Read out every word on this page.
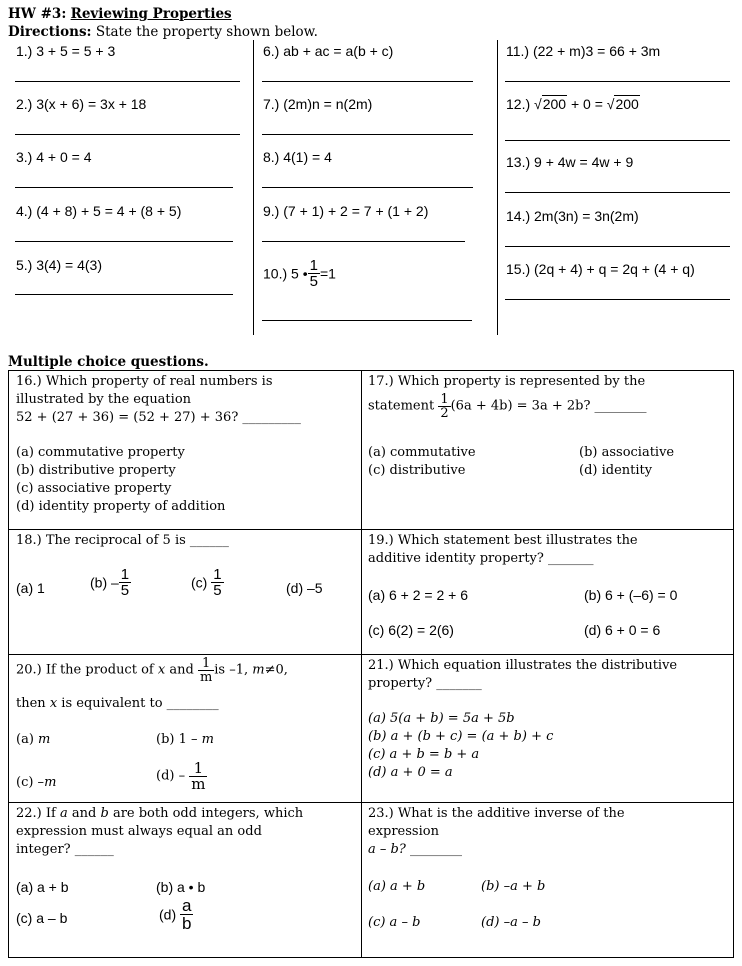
HW #3: Reviewing Properties
Directions: State the property shown below.
1.) 3 + 5 = 5 + 3
2.) 3(x + 6) = 3x + 18
3.) 4 + 0 = 4
4.) (4 + 8) + 5 = 4 + (8 + 5)
5.) 3(4) = 4(3)
6.) ab + ac = a(b + c)
7.) (2m)n = n(2m)
8.) 4(1) = 4
9.) (7 + 1) + 2 = 7 + (1 + 2)
10.) 5 • $\frac{1}{5} =1$
11.) (22 + m)3 = 66 + 3m
12.) √200 + 0 = √200
13.) 9 + 4w = 4w + 9
14.) 2m(3n) = 3n(2m)
15.) (2q + 4) + q = 2q + (4 + q)
Multiple choice questions.
16.) Which property of real numbers is
illustrated by the equation
52 + (27 + 36) = (52 + 27) + 36? _________
(a) commutative property
(b) distributive property
(c) associative property
(d) identity property of addition
17.) Which property is represented by the
statement $\frac{1}{2} (6a + 4b) = 3a + 2b$? ________
(a) commutative	(b) associative
(c) distributive	(d) identity
18.) The reciprocal of 5 is ______
(a) 1	$(b) - \frac{1}{5}$	$(c) \frac{1}{5}$	(d) –5
19.) Which statement best illustrates the
additive identity property? _______
(a) 6 + 2 = 2 + 6	(b) 6 + (–6) = 0
(c) 6(2) = 2(6)	(d) 6 + 0 = 6
20.) If the product of x and $\frac{1}{m}$ is –1, m≠0,
then x is equivalent to ________
(a) m	(b) 1 – m
(c) –m	$(d) - \frac{1}{m}$
21.) Which equation illustrates the distributive
property? _______
(a) 5(a + b) = 5a + 5b
(b) a + (b + c) = (a + b) + c
(c) a + b = b + a
(d) a + 0 = a
22.) If a and b are both odd integers, which
expression must always equal an odd
integer? ______
(a) a + b	(b) a • b
(c) a – b	$(d) \frac{a}{b}$
23.) What is the additive inverse of the
expression
a – b? ________
(a) a + b	(b) –a + b
(c) a – b	(d) –a – b
